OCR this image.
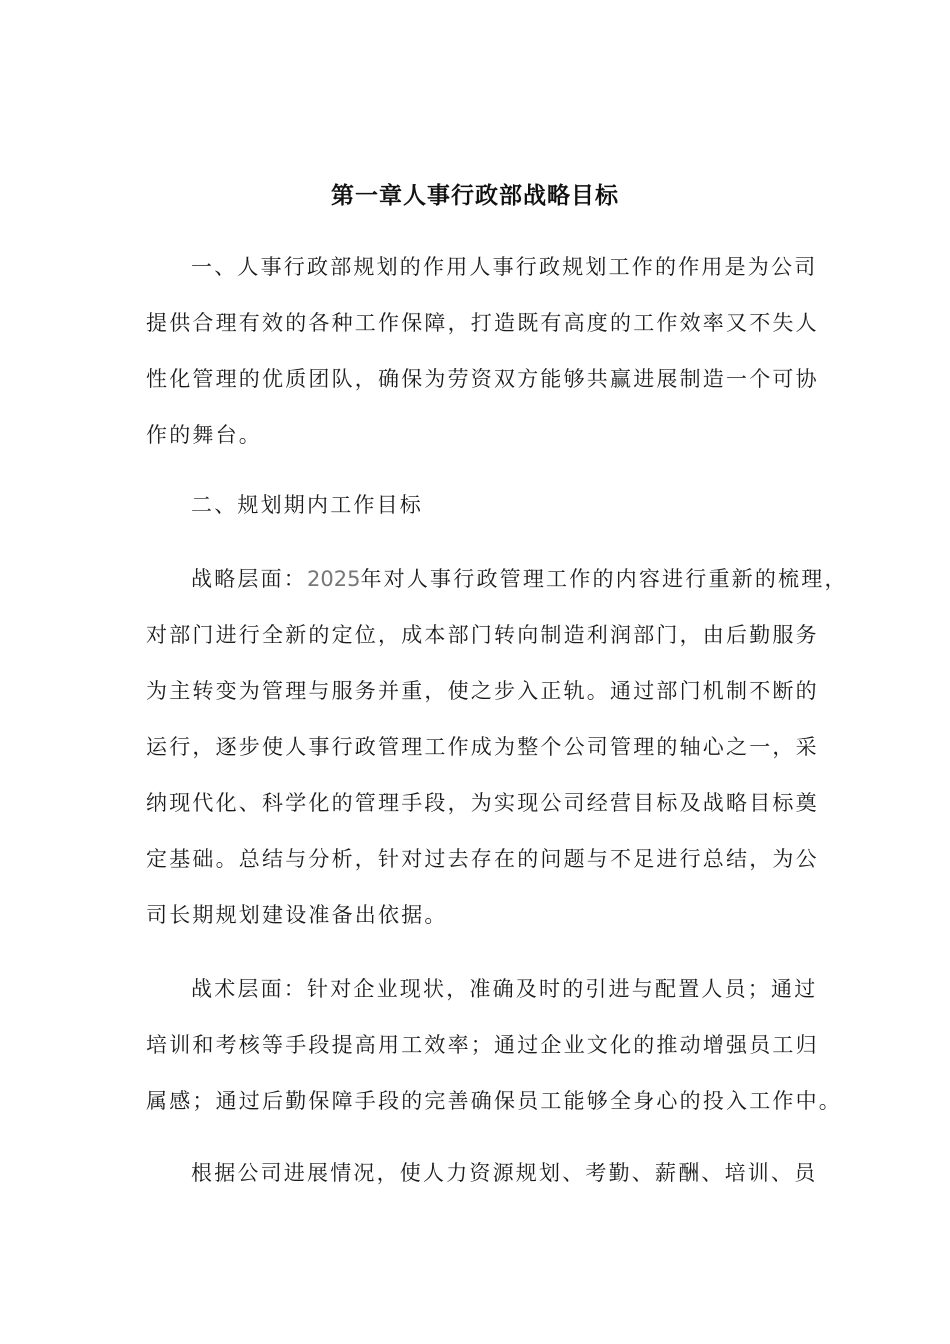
第一章人事行政部战略目标
一、人事行政部规划的作用人事行政规划工作的作用是为公司
提供合理有效的各种工作保障，打造既有高度的工作效率又不失人
性化管理的优质团队，确保为劳资双方能够共赢进展制造一个可协
作的舞台。
二、规划期内工作目标
战略层面：2025年对人事行政管理工作的内容进行重新的梳理，
对部门进行全新的定位，成本部门转向制造利润部门，由后勤服务
为主转变为管理与服务并重，使之步入正轨。通过部门机制不断的
运行，逐步使人事行政管理工作成为整个公司管理的轴心之一，采
纳现代化、科学化的管理手段，为实现公司经营目标及战略目标奠
定基础。总结与分析，针对过去存在的问题与不足进行总结，为公
司长期规划建设准备出依据。
战术层面：针对企业现状，准确及时的引进与配置人员；通过
培训和考核等手段提高用工效率；通过企业文化的推动增强员工归
属感；通过后勤保障手段的完善确保员工能够全身心的投入工作中。
根据公司进展情况，使人力资源规划、考勤、薪酬、培训、员
